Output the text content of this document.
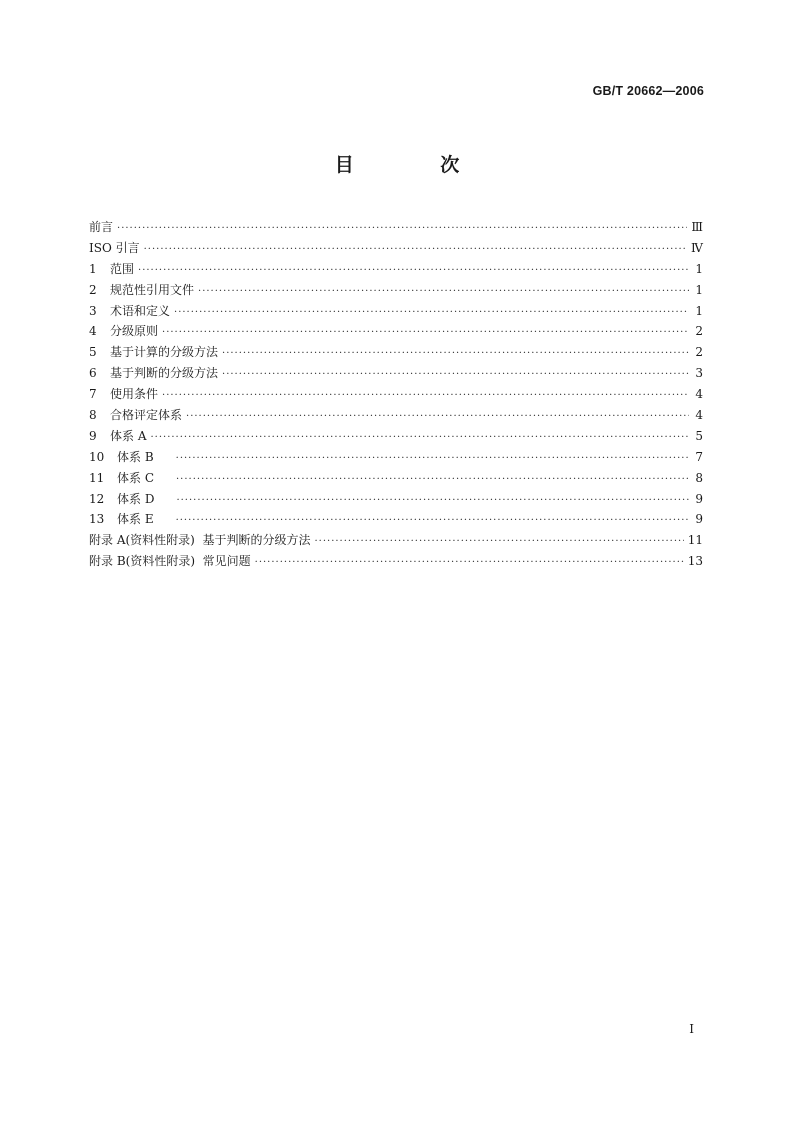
GB/T 20662—2006
目 次
前言 ·····	Ⅲ
ISO 引言 ·····	Ⅳ
1	范围 ·····	1
2	规范性引用文件 ·····	1
3	术语和定义 ·····	1
4	分级原则 ·····	2
5	基于计算的分级方法 ·····	2
6	基于判断的分级方法 ·····	3
7	使用条件 ·····	4
8	合格评定体系 ·····	4
9	体系 A ·····	5
10	体系 B ·····	7
11	体系 C ·····	8
12	体系 D ·····	9
13	体系 E ·····	9
附录 A(资料性附录)  基于判断的分级方法 ·····	11
附录 B(资料性附录)  常见问题 ·····	13
I
